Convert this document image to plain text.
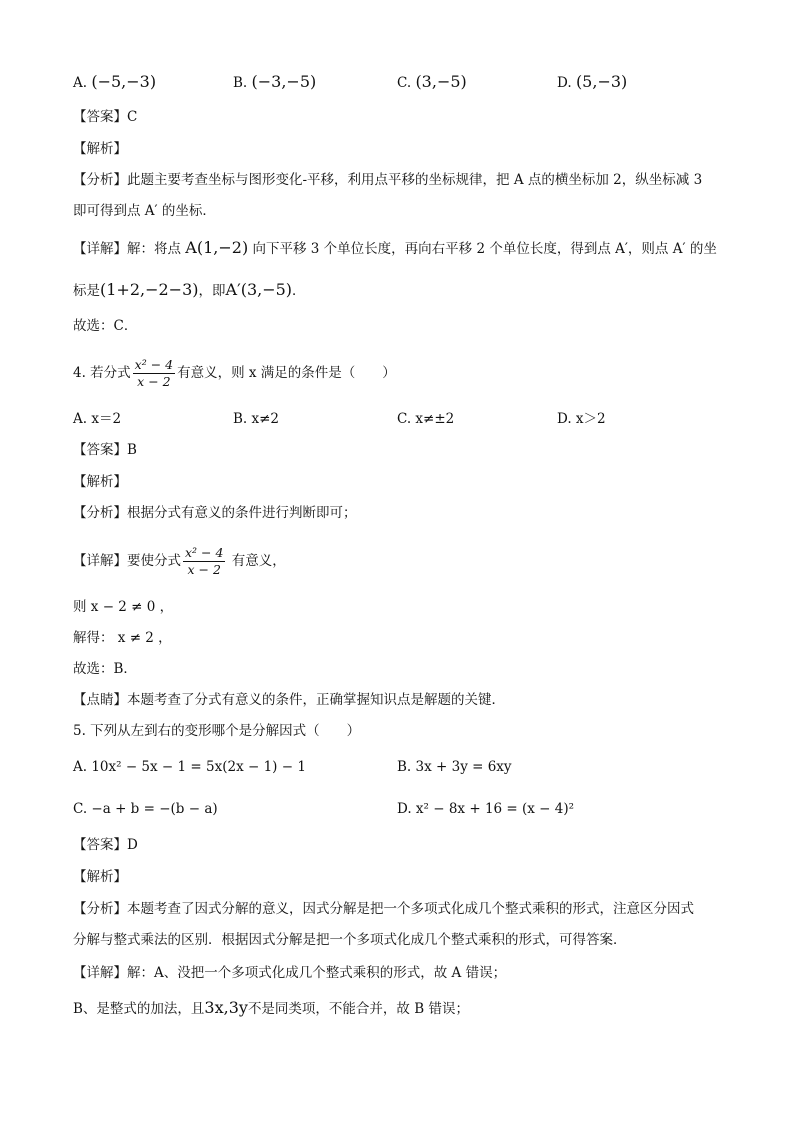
A. (−5,−3)	B. (−3,−5)	C. (3,−5)	D. (5,−3)
【答案】C
【解析】
【分析】此题主要考查坐标与图形变化-平移，利用点平移的坐标规律，把 A 点的横坐标加 2，纵坐标减 3
即可得到点 A′ 的坐标．
【详解】解：将点 A(1,−2) 向下平移 3 个单位长度，再向右平移 2 个单位长度，得到点 A′，则点 A′ 的坐
标是(1+2,−2−3)，即A′(3,−5)．
故选：C．
4. 若分式 $\frac{\text{x² − 4}}{x - 2}$ 有意义，则 x 满足的条件是（　　）
A. x＝2	B. x≠2	C. x≠±2	D. x＞2
【答案】B
【解析】
【分析】根据分式有意义的条件进行判断即可；
【详解】要使分式 $\frac{\text{x² − 4}}{x - 2}$ 有意义，
则 x − 2 ≠ 0 ，
解得： x ≠ 2 ，
故选：B．
【点睛】本题考查了分式有意义的条件，正确掌握知识点是解题的关键．
5. 下列从左到右的变形哪个是分解因式（　　）
A. 10x² − 5x − 1 = 5x(2x − 1) − 1	B. 3x + 3y = 6xy
C. −a + b = −(b − a)	D. x² − 8x + 16 = (x − 4)²
【答案】D
【解析】
【分析】本题考查了因式分解的意义，因式分解是把一个多项式化成几个整式乘积的形式，注意区分因式
分解与整式乘法的区别．根据因式分解是把一个多项式化成几个整式乘积的形式，可得答案．
【详解】解：A、没把一个多项式化成几个整式乘积的形式，故 A 错误；
B、是整式的加法，且3x,3y不是同类项，不能合并，故 B 错误；
